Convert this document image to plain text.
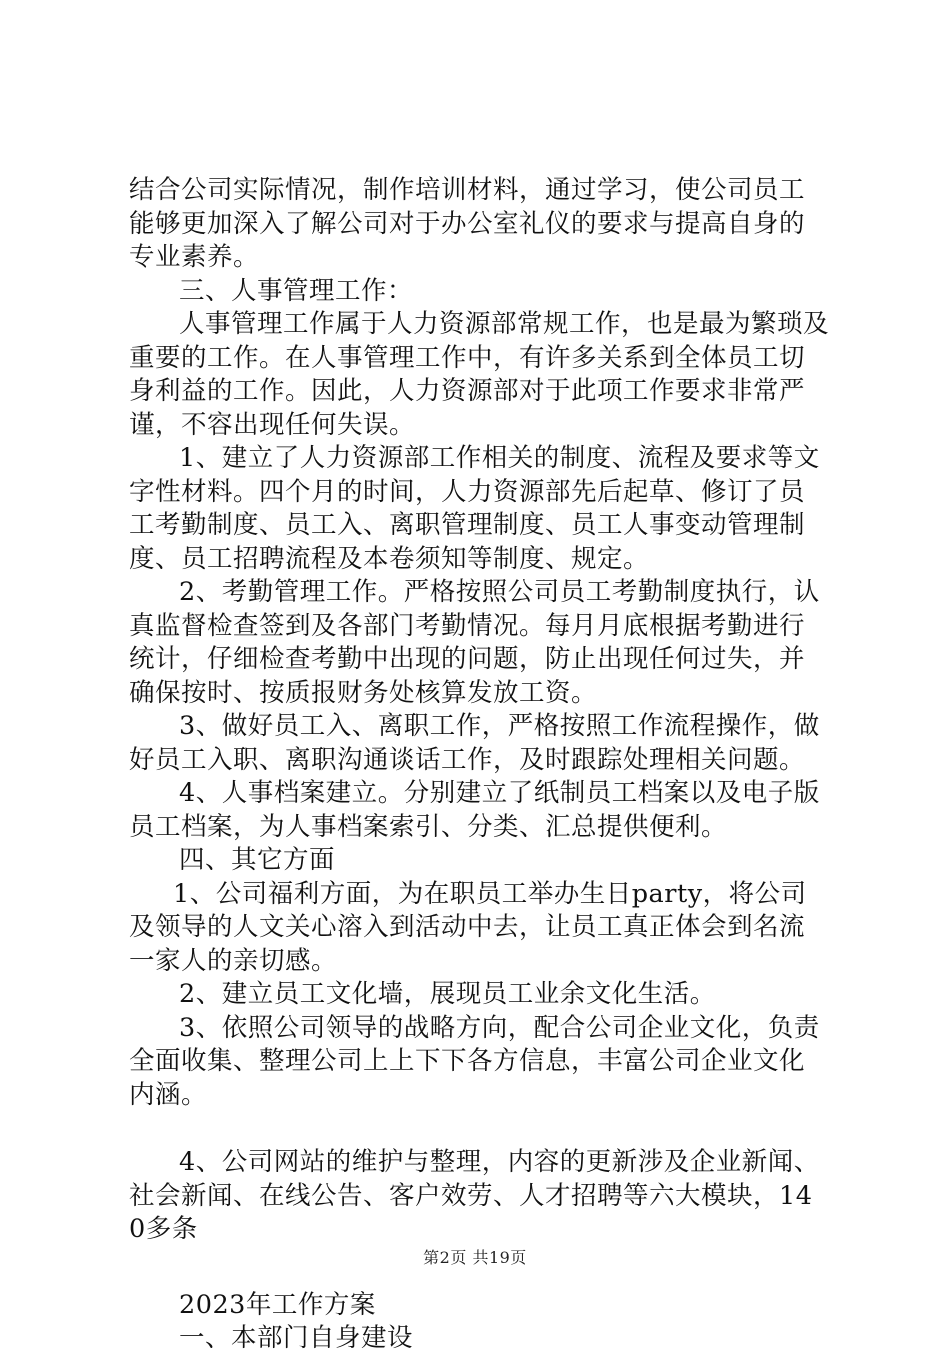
结合公司实际情况，制作培训材料，通过学习，使公司员工能够更加深入了解公司对于办公室礼仪的要求与提高自身的专业素养。

三、人事管理工作：

人事管理工作属于人力资源部常规工作，也是最为繁琐及重要的工作。在人事管理工作中，有许多关系到全体员工切身利益的工作。因此，人力资源部对于此项工作要求非常严谨，不容出现任何失误。

1、建立了人力资源部工作相关的制度、流程及要求等文字性材料。四个月的时间，人力资源部先后起草、修订了员工考勤制度、员工入、离职管理制度、员工人事变动管理制度、员工招聘流程及本卷须知等制度、规定。

2、考勤管理工作。严格按照公司员工考勤制度执行，认真监督检查签到及各部门考勤情况。每月月底根据考勤进行统计，仔细检查考勤中出现的问题，防止出现任何过失，并确保按时、按质报财务处核算发放工资。

3、做好员工入、离职工作，严格按照工作流程操作，做好员工入职、离职沟通谈话工作，及时跟踪处理相关问题。

4、人事档案建立。分别建立了纸制员工档案以及电子版员工档案，为人事档案索引、分类、汇总提供便利。

四、其它方面

1、公司福利方面，为在职员工举办生日party，将公司及领导的人文关心溶入到活动中去，让员工真正体会到名流一家人的亲切感。

2、建立员工文化墙，展现员工业余文化生活。

3、依照公司领导的战略方向，配合公司企业文化，负责全面收集、整理公司上上下下各方信息，丰富公司企业文化内涵。

4、公司网站的维护与整理，内容的更新涉及企业新闻、社会新闻、在线公告、客户效劳、人才招聘等六大模块，140多条

2023年工作方案

一、本部门自身建设

第2页 共19页
